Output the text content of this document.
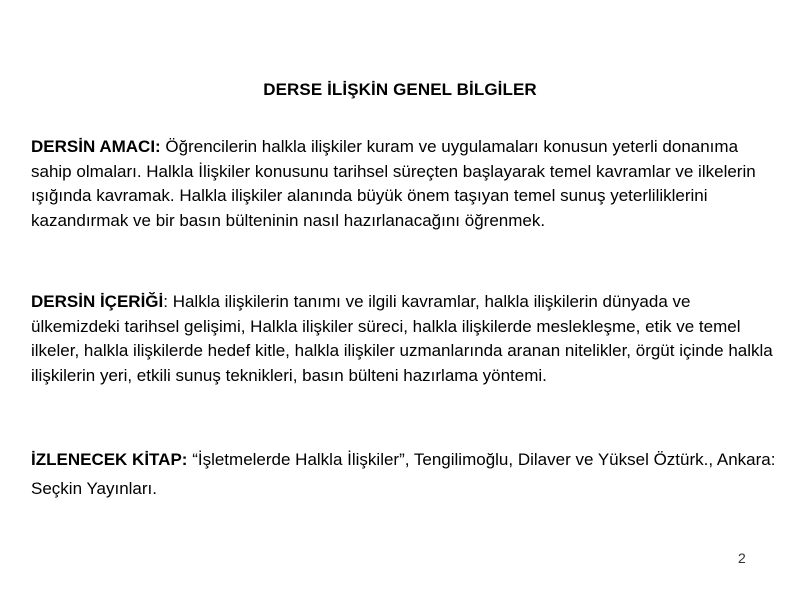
DERSE İLİŞKİN GENEL BİLGİLER

DERSİN AMACI: Öğrencilerin halkla ilişkiler kuram ve uygulamaları konusun yeterli donanıma sahip olmaları. Halkla İlişkiler konusunu tarihsel süreçten başlayarak temel kavramlar ve ilkelerin ışığında kavramak. Halkla ilişkiler alanında büyük önem taşıyan temel sunuş yeterliliklerini kazandırmak ve bir basın bülteninin nasıl hazırlanacağını öğrenmek.

DERSİN İÇERİĞİ: Halkla ilişkilerin tanımı ve ilgili kavramlar, halkla ilişkilerin dünyada ve ülkemizdeki tarihsel gelişimi, Halkla ilişkiler süreci, halkla ilişkilerde meslekleşme, etik ve temel ilkeler, halkla ilişkilerde hedef kitle, halkla ilişkiler uzmanlarında aranan nitelikler, örgüt içinde halkla ilişkilerin yeri, etkili sunuş teknikleri, basın bülteni hazırlama yöntemi.

İZLENECEK KİTAP: “İşletmelerde Halkla İlişkiler”, Tengilimoğlu, Dilaver ve Yüksel Öztürk., Ankara: Seçkin Yayınları.

2
